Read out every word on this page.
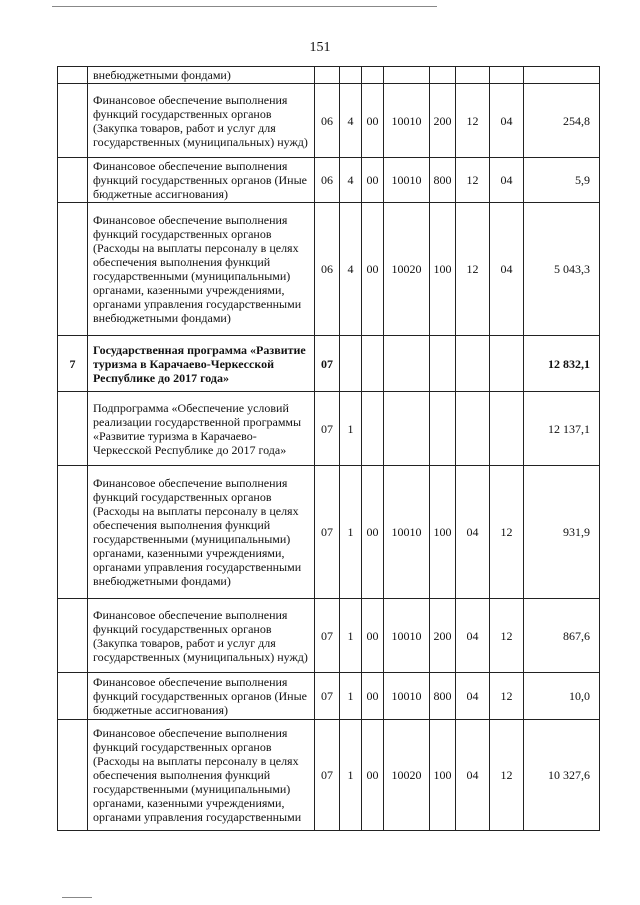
151
	внебюджетными фондами)								
	Финансовое обеспечение выполнения функций государственных органов (Закупка товаров, работ и услуг для государственных (муниципальных) нужд)	06	4	00	10010	200	12	04	254,8
	Финансовое обеспечение выполнения функций государственных органов (Иные бюджетные ассигнования)	06	4	00	10010	800	12	04	5,9
	Финансовое обеспечение выполнения функций государственных органов (Расходы на выплаты персоналу в целях обеспечения выполнения функций государственными (муниципальными) органами, казенными учреждениями, органами управления государственными внебюджетными фондами)	06	4	00	10020	100	12	04	5 043,3
7	Государственная программа «Развитие туризма в Карачаево-Черкесской Республике до 2017 года»	07							12 832,1
	Подпрограмма «Обеспечение условий реализации государственной программы «Развитие туризма в Карачаево-Черкесской Республике до 2017 года»	07	1						12 137,1
	Финансовое обеспечение выполнения функций государственных органов (Расходы на выплаты персоналу в целях обеспечения выполнения функций государственными (муниципальными) органами, казенными учреждениями, органами управления государственными внебюджетными фондами)	07	1	00	10010	100	04	12	931,9
	Финансовое обеспечение выполнения функций государственных органов (Закупка товаров, работ и услуг для государственных (муниципальных) нужд)	07	1	00	10010	200	04	12	867,6
	Финансовое обеспечение выполнения функций государственных органов (Иные бюджетные ассигнования)	07	1	00	10010	800	04	12	10,0
	Финансовое обеспечение выполнения функций государственных органов (Расходы на выплаты персоналу в целях обеспечения выполнения функций государственными (муниципальными) органами, казенными учреждениями, органами управления государственными	07	1	00	10020	100	04	12	10 327,6
